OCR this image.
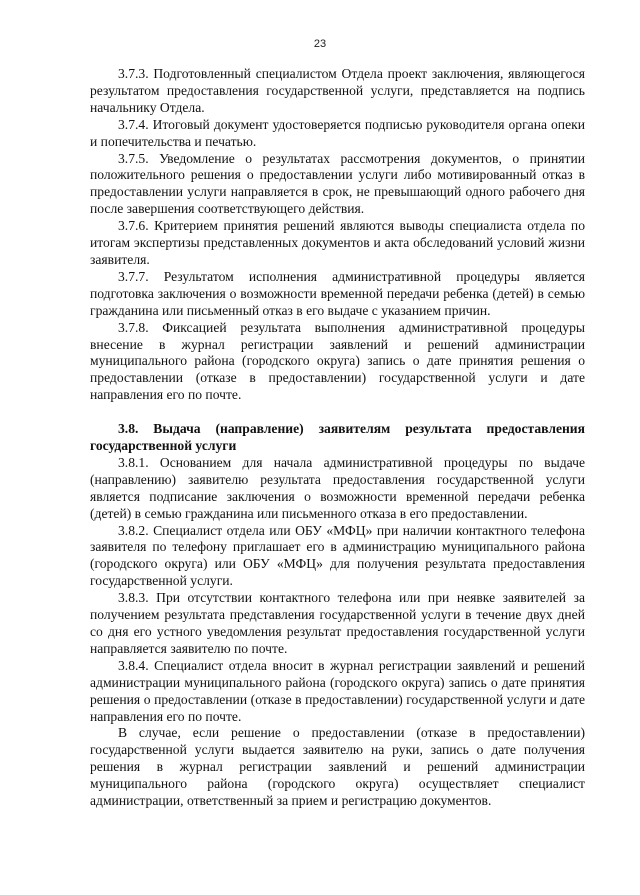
23

3.7.3. Подготовленный специалистом Отдела проект заключения, являющегося результатом предоставления государственной услуги, представляется на подпись начальнику Отдела.

3.7.4. Итоговый документ удостоверяется подписью руководителя органа опеки и попечительства и печатью.

3.7.5. Уведомление о результатах рассмотрения документов, о принятии положительного решения о предоставлении услуги либо мотивированный отказ в предоставлении услуги направляется в срок, не превышающий одного рабочего дня после завершения соответствующего действия.

3.7.6. Критерием принятия решений являются выводы специалиста отдела по итогам экспертизы представленных документов и акта обследований условий жизни заявителя.

3.7.7. Результатом исполнения административной процедуры является подготовка заключения о возможности временной передачи ребенка (детей) в семью гражданина или письменный отказ в его выдаче с указанием причин.

3.7.8. Фиксацией результата выполнения административной процедуры внесение в журнал регистрации заявлений и решений администрации муниципального района (городского округа) запись о дате принятия решения о предоставлении (отказе в предоставлении) государственной услуги и дате направления его по почте.

3.8. Выдача (направление) заявителям результата предоставления государственной услуги

3.8.1. Основанием для начала административной процедуры по выдаче (направлению) заявителю результата предоставления государственной услуги является подписание заключения о возможности временной передачи ребенка (детей) в семью гражданина или письменного отказа в его предоставлении.

3.8.2. Специалист отдела или ОБУ «МФЦ» при наличии контактного телефона заявителя по телефону приглашает его в администрацию муниципального района (городского округа) или ОБУ «МФЦ» для получения результата предоставления государственной услуги.

3.8.3. При отсутствии контактного телефона или при неявке заявителей за получением результата представления государственной услуги в течение двух дней со дня его устного уведомления результат предоставления государственной услуги направляется заявителю по почте.

3.8.4. Специалист отдела вносит в журнал регистрации заявлений и решений администрации муниципального района (городского округа) запись о дате принятия решения о предоставлении (отказе в предоставлении) государственной услуги и дате направления его по почте.

В случае, если решение о предоставлении (отказе в предоставлении) государственной услуги выдается заявителю на руки, запись о дате получения решения в журнал регистрации заявлений и решений администрации муниципального района (городского округа) осуществляет специалист администрации, ответственный за прием и регистрацию документов.
